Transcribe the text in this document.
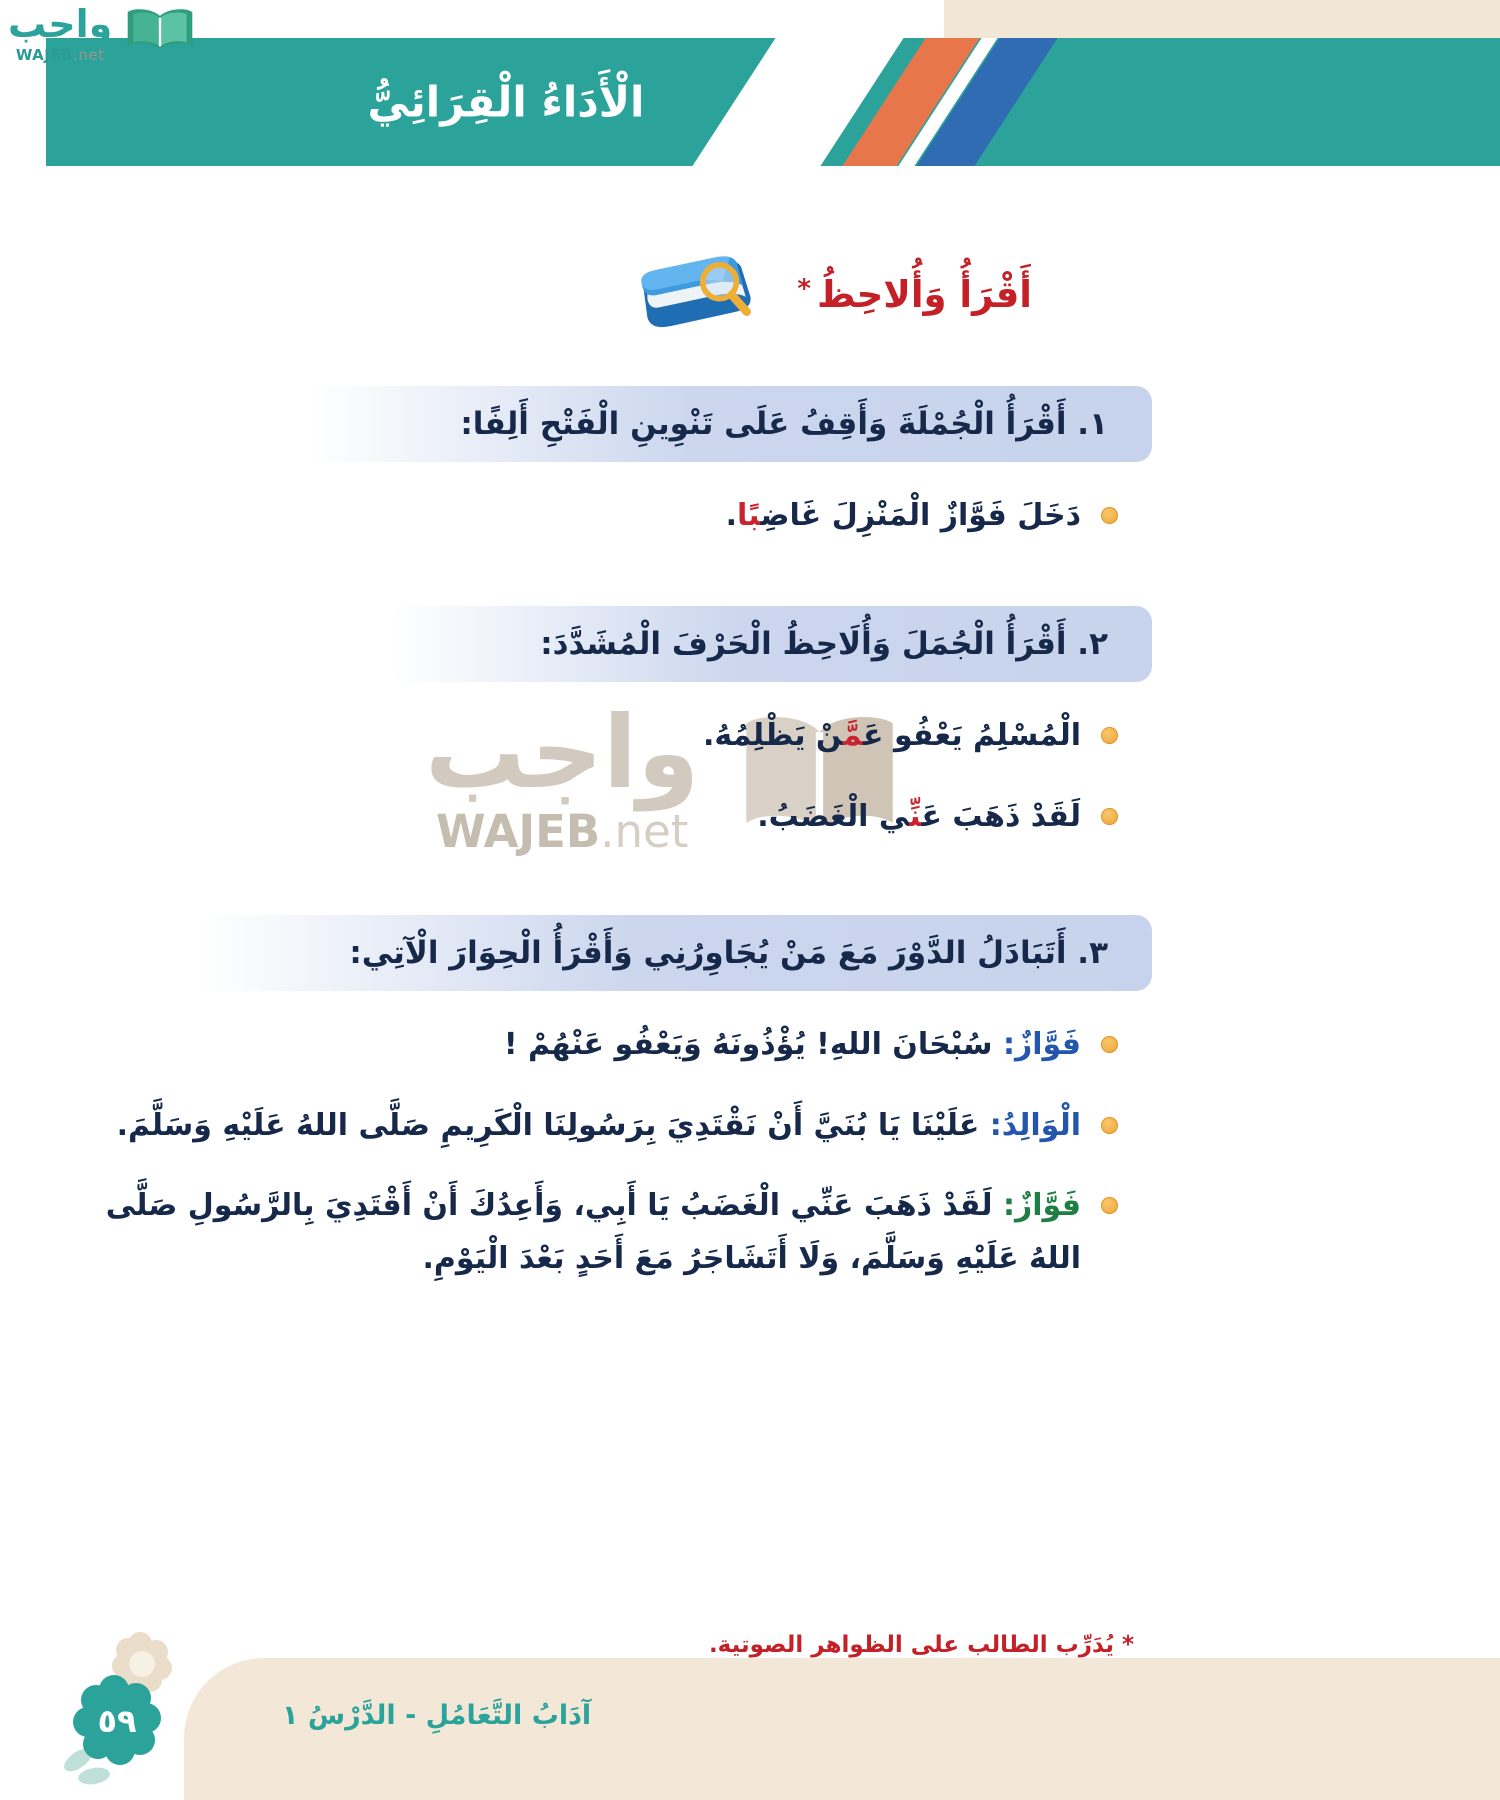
الْأَدَاءُ الْقِرَائِيُّ
واجب
WAJEB.net
واجب
WAJEB.net
أَقْرَأُ وَأُلاحِظُ*
١. أَقْرَأُ الْجُمْلَةَ وَأَقِفُ عَلَى تَنْوِينِ الْفَتْحِ أَلِفًا:

دَخَلَ فَوَّازٌ الْمَنْزِلَ غَاضِ‍‍بًا.

٢. أَقْرَأُ الْجُمَلَ وَأُلَاحِظُ الْحَرْفَ الْمُشَدَّدَ:

الْمُسْلِمُ يَعْفُو عَ‍‍مَّ‍‍نْ يَظْلِمُهُ.

لَقَدْ ذَهَبَ عَ‍‍نِّ‍‍ي الْغَضَبُ.

٣. أَتَبَادَلُ الدَّوْرَ مَعَ مَنْ يُجَاوِرُنِي وَأَقْرَأُ الْحِوَارَ الْآتِي:

فَوَّازٌ: سُبْحَانَ اللهِ! يُؤْذُونَهُ وَيَعْفُو عَنْهُمْ !

الْوَالِدُ: عَلَيْنَا يَا بُنَيَّ أَنْ نَقْتَدِيَ بِرَسُولِنَا الْكَرِيمِ صَلَّى اللهُ عَلَيْهِ وَسَلَّمَ.

فَوَّازٌ: لَقَدْ ذَهَبَ عَنِّي الْغَضَبُ يَا أَبِي، وَأَعِدُكَ أَنْ أَقْتَدِيَ بِالرَّسُولِ صَلَّى اللهُ عَلَيْهِ وَسَلَّمَ، وَلَا أَتَشَاجَرُ مَعَ أَحَدٍ بَعْدَ الْيَوْمِ.

* يُدَرِّب الطالب على الظواهر الصوتية.

آدَابُ التَّعَامُلِ - الدَّرْسُ ١
٥٩
